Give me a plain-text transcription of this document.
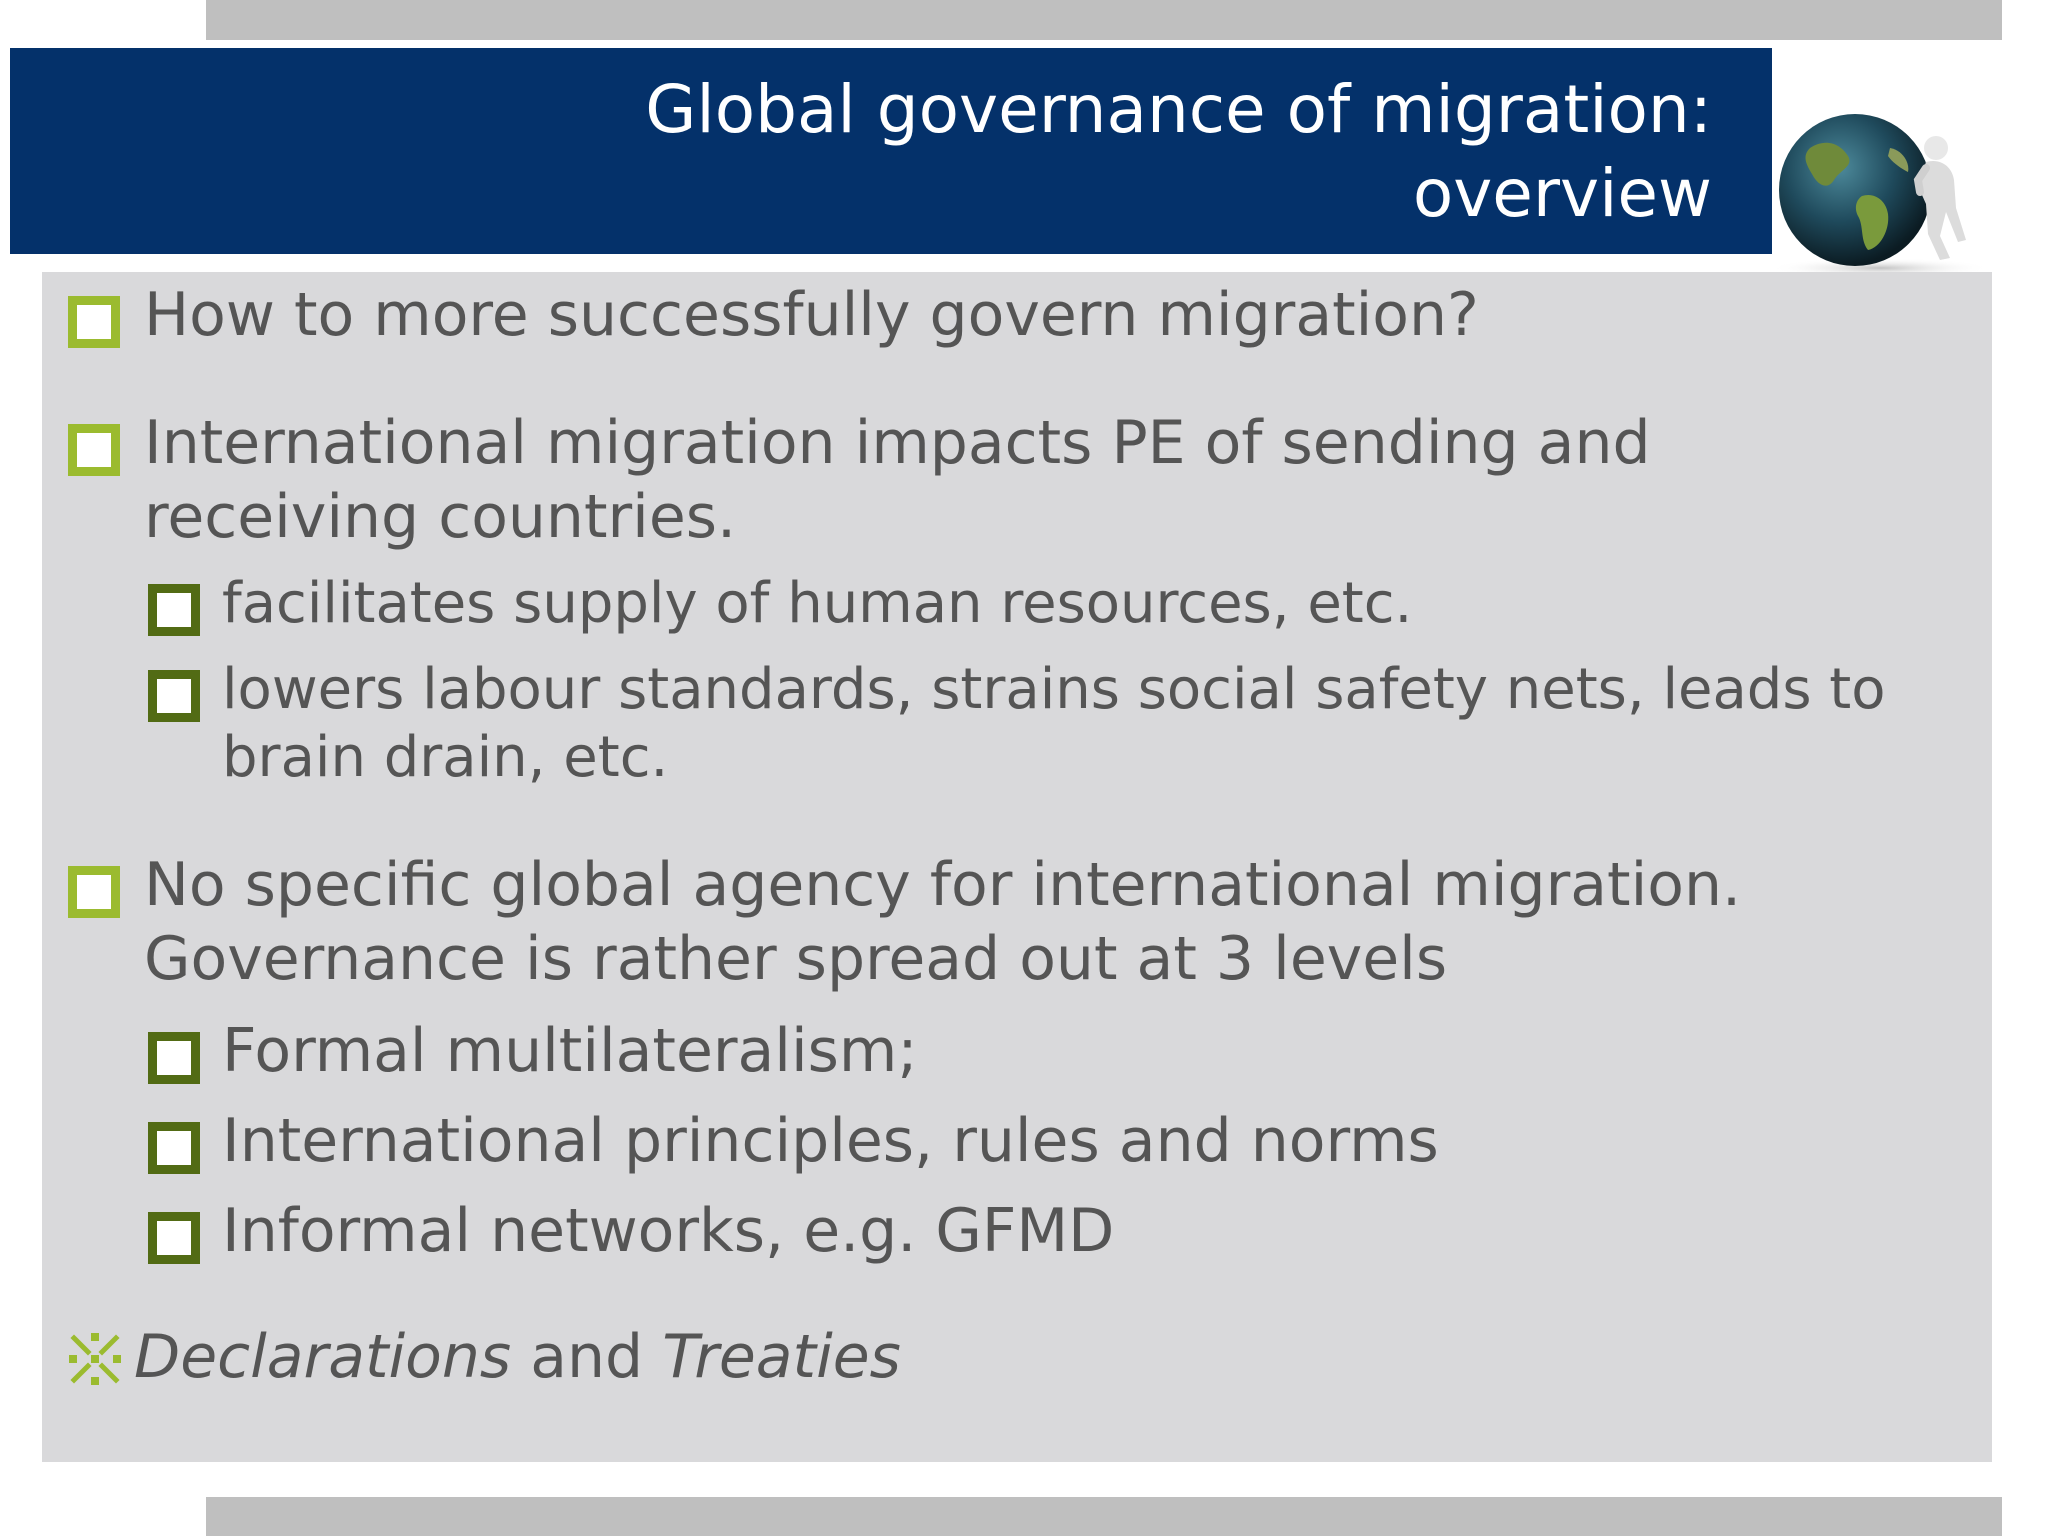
Global governance of migration:
overview
How to more successfully govern migration?
International migration impacts PE of sending and
receiving countries.
facilitates supply of human resources, etc.
lowers labour standards, strains social safety nets, leads to
brain drain, etc.
No specific global agency for international migration.
Governance is rather spread out at 3 levels
Formal multilateralism;
International principles, rules and norms
Informal networks, e.g. GFMD
Declarations and Treaties
